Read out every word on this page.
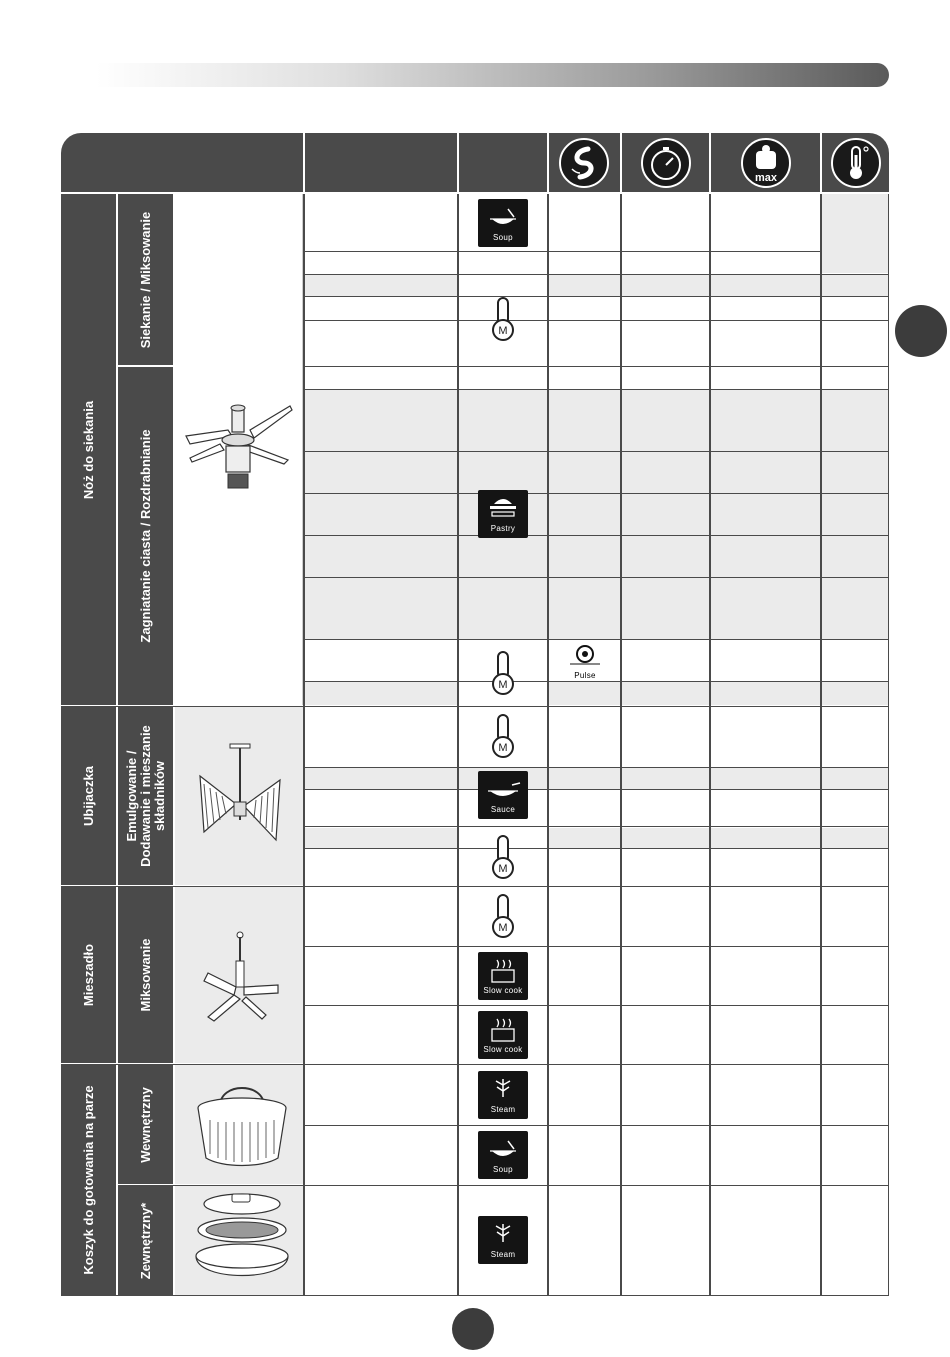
max
Nóż do siekania
Ubijaczka
Mieszadło
Koszyk do gotowania na parze
Siekanie / Miksowanie
Zagniatanie ciasta / Rozdrabnianie
Emulgowanie / Dodawanie i mieszanie składników
Miksowanie
Wewnętrzny
Zewnętrzny*
Soup
M
Pastry
Pulse
M
M
Sauce
M
M
Slow cook
Slow cook
Steam
Soup
Steam
